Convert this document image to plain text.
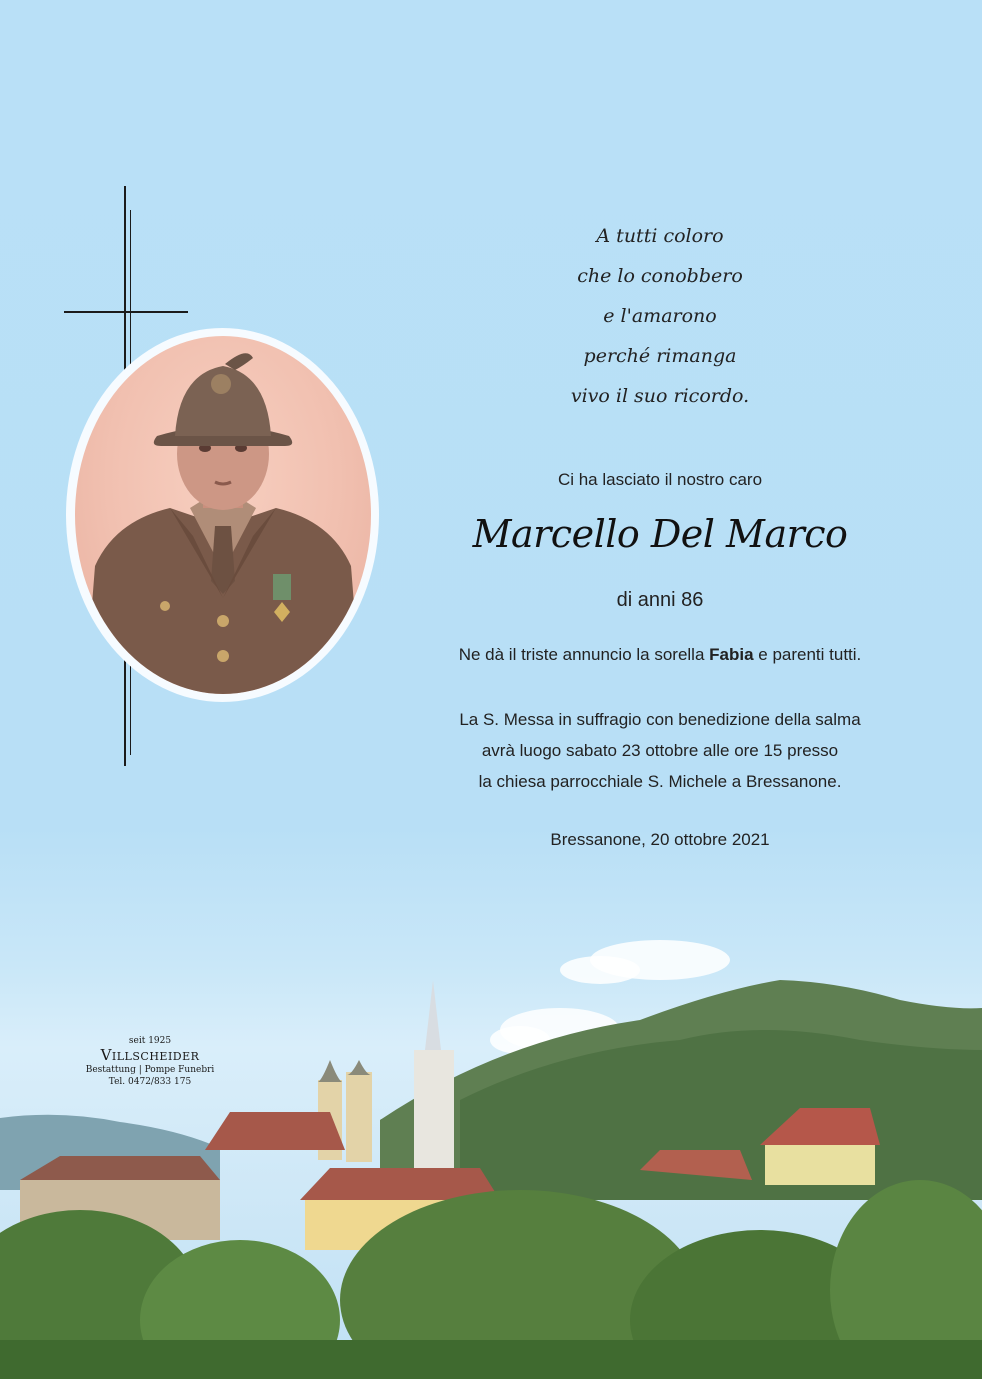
A tutti coloro
che lo conobbero
e l'amarono
perché rimanga
vivo il suo ricordo.
Ci ha lasciato il nostro caro
Marcello Del Marco
di anni 86
Ne dà il triste annuncio la sorella Fabia e parenti tutti.
La S. Messa in suffragio con benedizione della salma
avrà luogo sabato 23 ottobre alle ore 15 presso
la chiesa parrocchiale S. Michele a Bressanone.
Bressanone, 20 ottobre 2021
seit 1925
Villscheider
Bestattung | Pompe Funebri
Tel. 0472/833 175
